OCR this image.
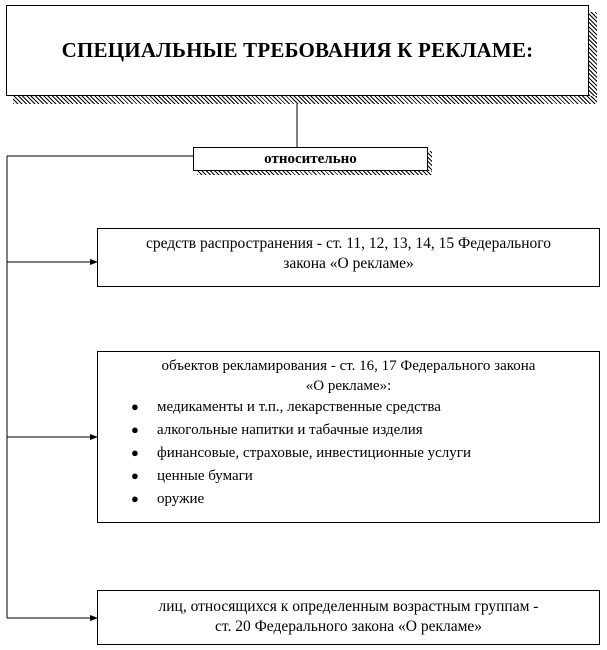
СПЕЦИАЛЬНЫЕ ТРЕБОВАНИЯ К РЕКЛАМЕ:
относительно
средств распространения - ст. 11, 12, 13, 14, 15 Федерального
закона «О рекламе»
объектов рекламирования - ст. 16, 17 Федерального закона
«О рекламе»:
● медикаменты и т.п., лекарственные средства
● алкогольные напитки и табачные изделия
● финансовые, страховые, инвестиционные услуги
● ценные бумаги
● оружие
лиц, относящихся к определенным возрастным группам -
ст. 20 Федерального закона «О рекламе»
